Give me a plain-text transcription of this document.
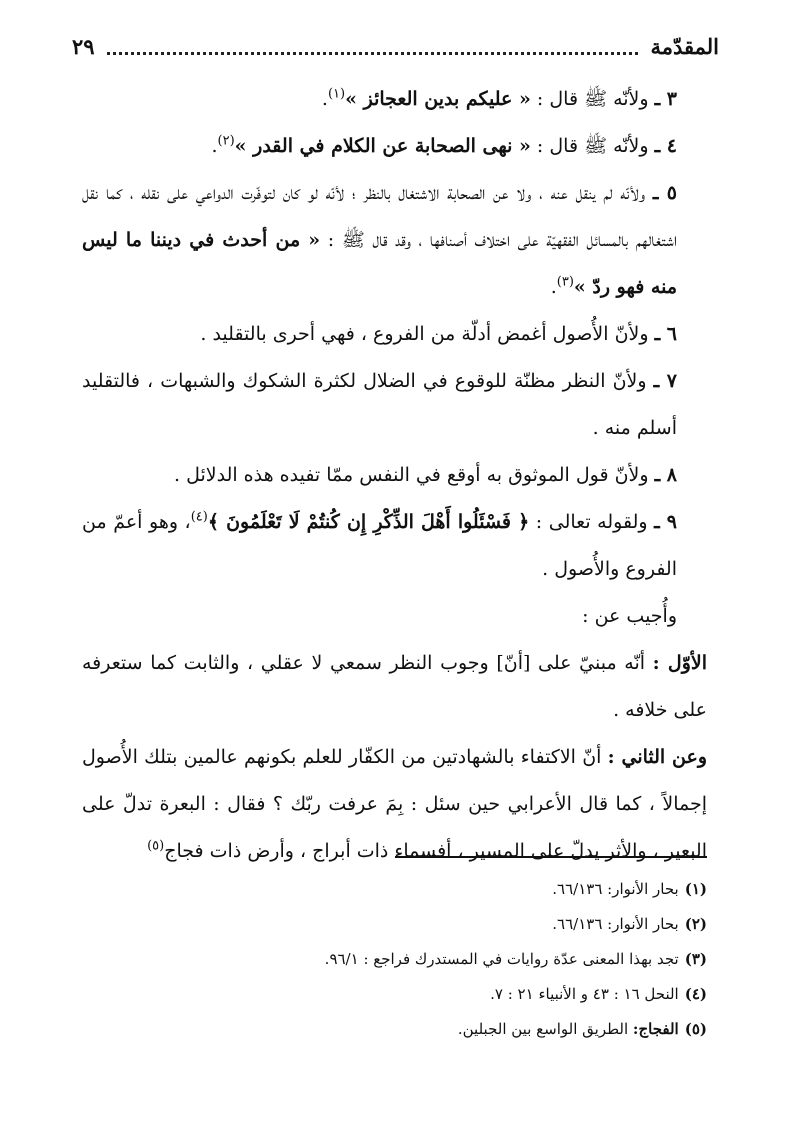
المقدّمة
٢٩

٣ ـ ولأنّه ﷺ قال : « عليكم بدين العجائز »$^{(١)}$.

٤ ـ ولأنّه ﷺ قال : « نهى الصحابة عن الكلام في القدر »$^{(٢)}$.

٥ ـ ولأنّه لم ينقل عنه ، ولا عن الصحابة الاشتغال بالنظر ؛ لأنّه لو كان لتوفّرت الدواعي على نقله ، كما نقل اشتغالهم بالمسائل الفقهيّة على اختلاف أصنافها ، وقد قال ﷺ : « من أحدث في ديننا ما ليس منه فهو ردّ »$^{(٣)}$.

٦ ـ ولأنّ الأُصول أغمض أدلّة من الفروع ، فهي أحرى بالتقليد .

٧ ـ ولأنّ النظر مظنّة للوقوع في الضلال لكثرة الشكوك والشبهات ، فالتقليد أسلم منه .

٨ ـ ولأنّ قول الموثوق به أوقع في النفس ممّا تفيده هذه الدلائل .

٩ ـ ولقوله تعالى : ﴿ فَسْئَلُوا أَهْلَ الذِّكْرِ إِن كُنتُمْ لَا تَعْلَمُونَ ﴾$^{(٤)}$، وهو أعمّ من الفروع والأُصول .

وأُجيب عن :

الأوّل : أنّه مبنيّ على [أنّ] وجوب النظر سمعي لا عقلي ، والثابت كما ستعرفه على خلافه .

وعن الثاني : أنّ الاكتفاء بالشهادتين من الكفّار للعلم بكونهم عالمين بتلك الأُصول إجمالاً ، كما قال الأعرابي حين سئل : بِمَ عرفت ربّك ؟ فقال : البعرة تدلّ على البعير ، والأثر يدلّ على المسير ، أفسماء ذات أبراج ، وأرض ذات فجاج$^{(٥)}$

(١)بحار الأنوار: ٦٦/١٣٦.

(٢)بحار الأنوار: ٦٦/١٣٦.

(٣)تجد بهذا المعنى عدّة روايات في المستدرك فراجع : ٩٦/١.

(٤)النحل ١٦ : ٤٣ و الأنبياء ٢١ : ٧.

(٥)الفجاج: الطريق الواسع بين الجبلين.
